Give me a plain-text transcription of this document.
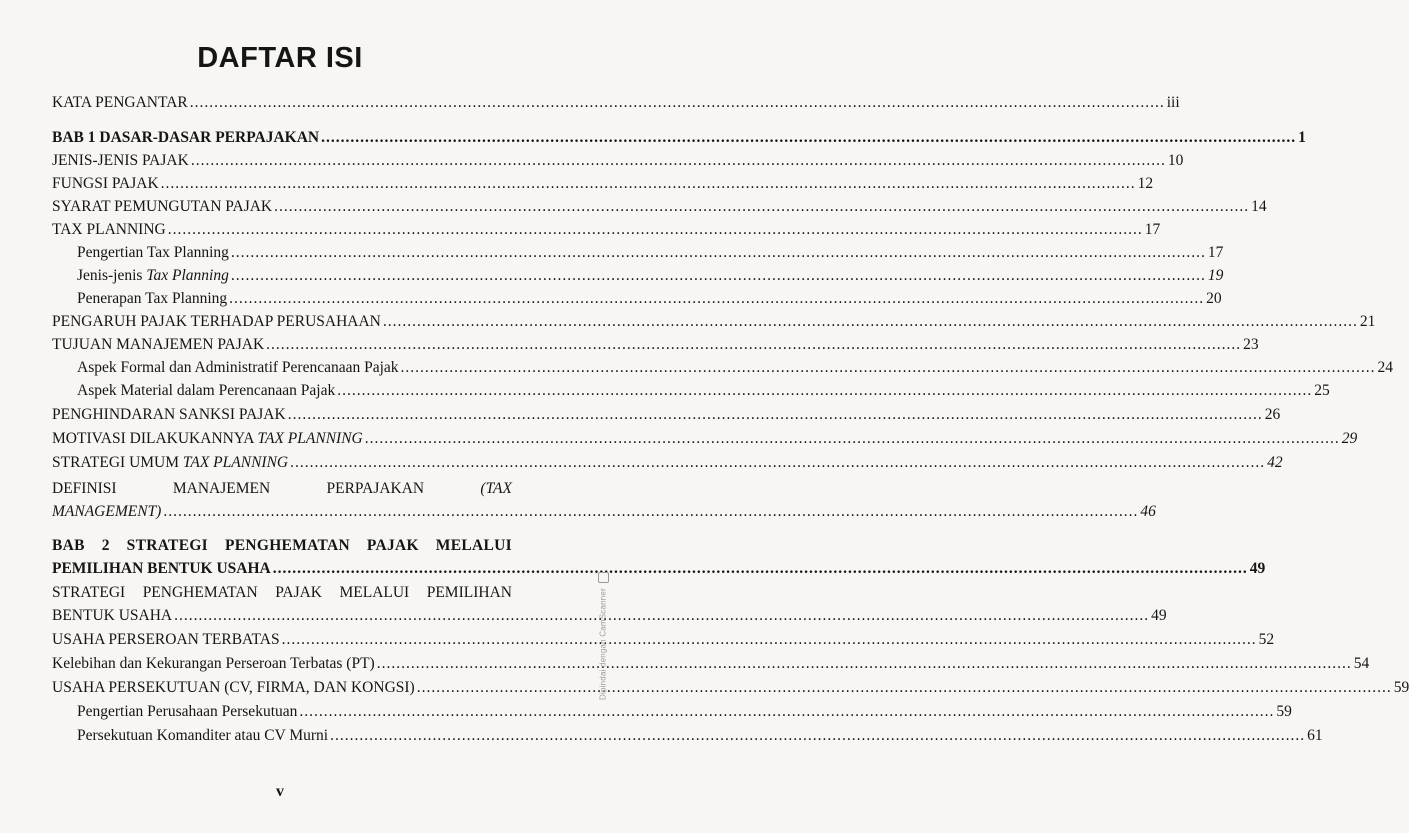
DAFTAR ISI
KATA PENGANTAR .....	iii
BAB 1 DASAR-DASAR PERPAJAKAN .....	1
JENIS-JENIS PAJAK .....	10
FUNGSI PAJAK .....	12
SYARAT PEMUNGUTAN PAJAK .....	14
TAX PLANNING .....	17
Pengertian Tax Planning .....	17
Jenis-jenis Tax Planning .....	19
Penerapan Tax Planning .....	20
PENGARUH PAJAK TERHADAP PERUSAHAAN .....	21
TUJUAN MANAJEMEN PAJAK .....	23
Aspek Formal dan Administratif Perencanaan Pajak .....	24
Aspek Material dalam Perencanaan Pajak .....	25
PENGHINDARAN SANKSI PAJAK .....	26
MOTIVASI DILAKUKANNYA TAX PLANNING .....	29
STRATEGI UMUM TAX PLANNING .....	42
DEFINISI	MANAJEMEN	PERPAJAKAN	(TAX
MANAGEMENT) .....	46
BAB 2 STRATEGI PENGHEMATAN PAJAK MELALUI
PEMILIHAN BENTUK USAHA .....	49
STRATEGI PENGHEMATAN PAJAK MELALUI PEMILIHAN
BENTUK USAHA .....	49
USAHA PERSEROAN TERBATAS .....	52
Kelebihan dan Kekurangan Perseroan Terbatas (PT) .....	54
USAHA PERSEKUTUAN (CV, FIRMA, DAN KONGSI) .....	59
Pengertian Perusahaan Persekutuan .....	59
Persekutuan Komanditer atau CV Murni .....	61
v
Dipindai dengan CamScanner
